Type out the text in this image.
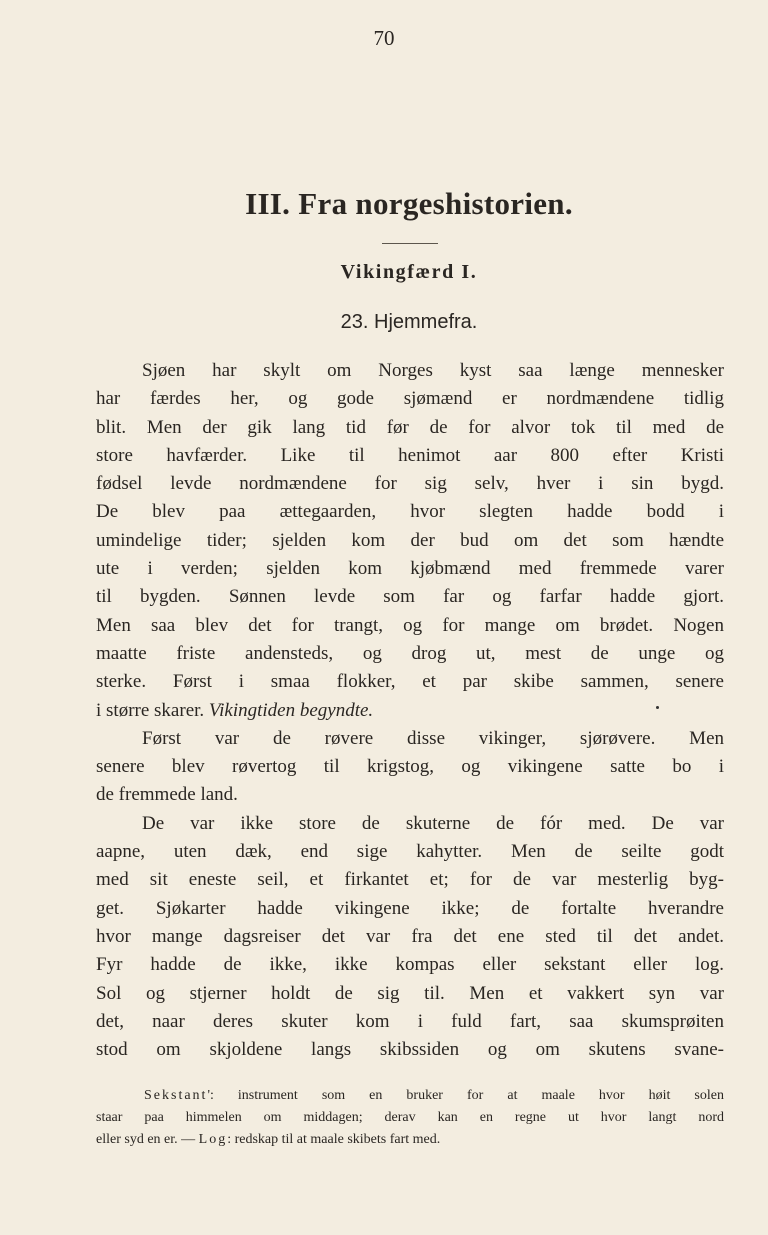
70
III. Fra norgeshistorien.
Vikingfærd I.
23. Hjemmefra.
Sjøen har skylt om Norges kyst saa længe mennesker
har færdes her, og gode sjømænd er nordmændene tidlig
blit. Men der gik lang tid før de for alvor tok til med de
store havfærder. Like til henimot aar 800 efter Kristi
fødsel levde nordmændene for sig selv, hver i sin bygd.
De blev paa ættegaarden, hvor slegten hadde bodd i
umindelige tider; sjelden kom der bud om det som hændte
ute i verden; sjelden kom kjøbmænd med fremmede varer
til bygden. Sønnen levde som far og farfar hadde gjort.
Men saa blev det for trangt, og for mange om brødet. Nogen
maatte friste andensteds, og drog ut, mest de unge og
sterke. Først i smaa flokker, et par skibe sammen, senere
i større skarer. Vikingtiden begyndte.
Først var de røvere disse vikinger, sjørøvere. Men
senere blev røvertog til krigstog, og vikingene satte bo i
de fremmede land.
De var ikke store de skuterne de fór med. De var
aapne, uten dæk, end sige kahytter. Men de seilte godt
med sit eneste seil, et firkantet et; for de var mesterlig byg-
get. Sjøkarter hadde vikingene ikke; de fortalte hverandre
hvor mange dagsreiser det var fra det ene sted til det andet.
Fyr hadde de ikke, ikke kompas eller sekstant eller log.
Sol og stjerner holdt de sig til. Men et vakkert syn var
det, naar deres skuter kom i fuld fart, saa skumsprøiten
stod om skjoldene langs skibssiden og om skutens svane-
Sekstant': instrument som en bruker for at maale hvor høit solen
staar paa himmelen om middagen; derav kan en regne ut hvor langt nord
eller syd en er. — Log: redskap til at maale skibets fart med.
